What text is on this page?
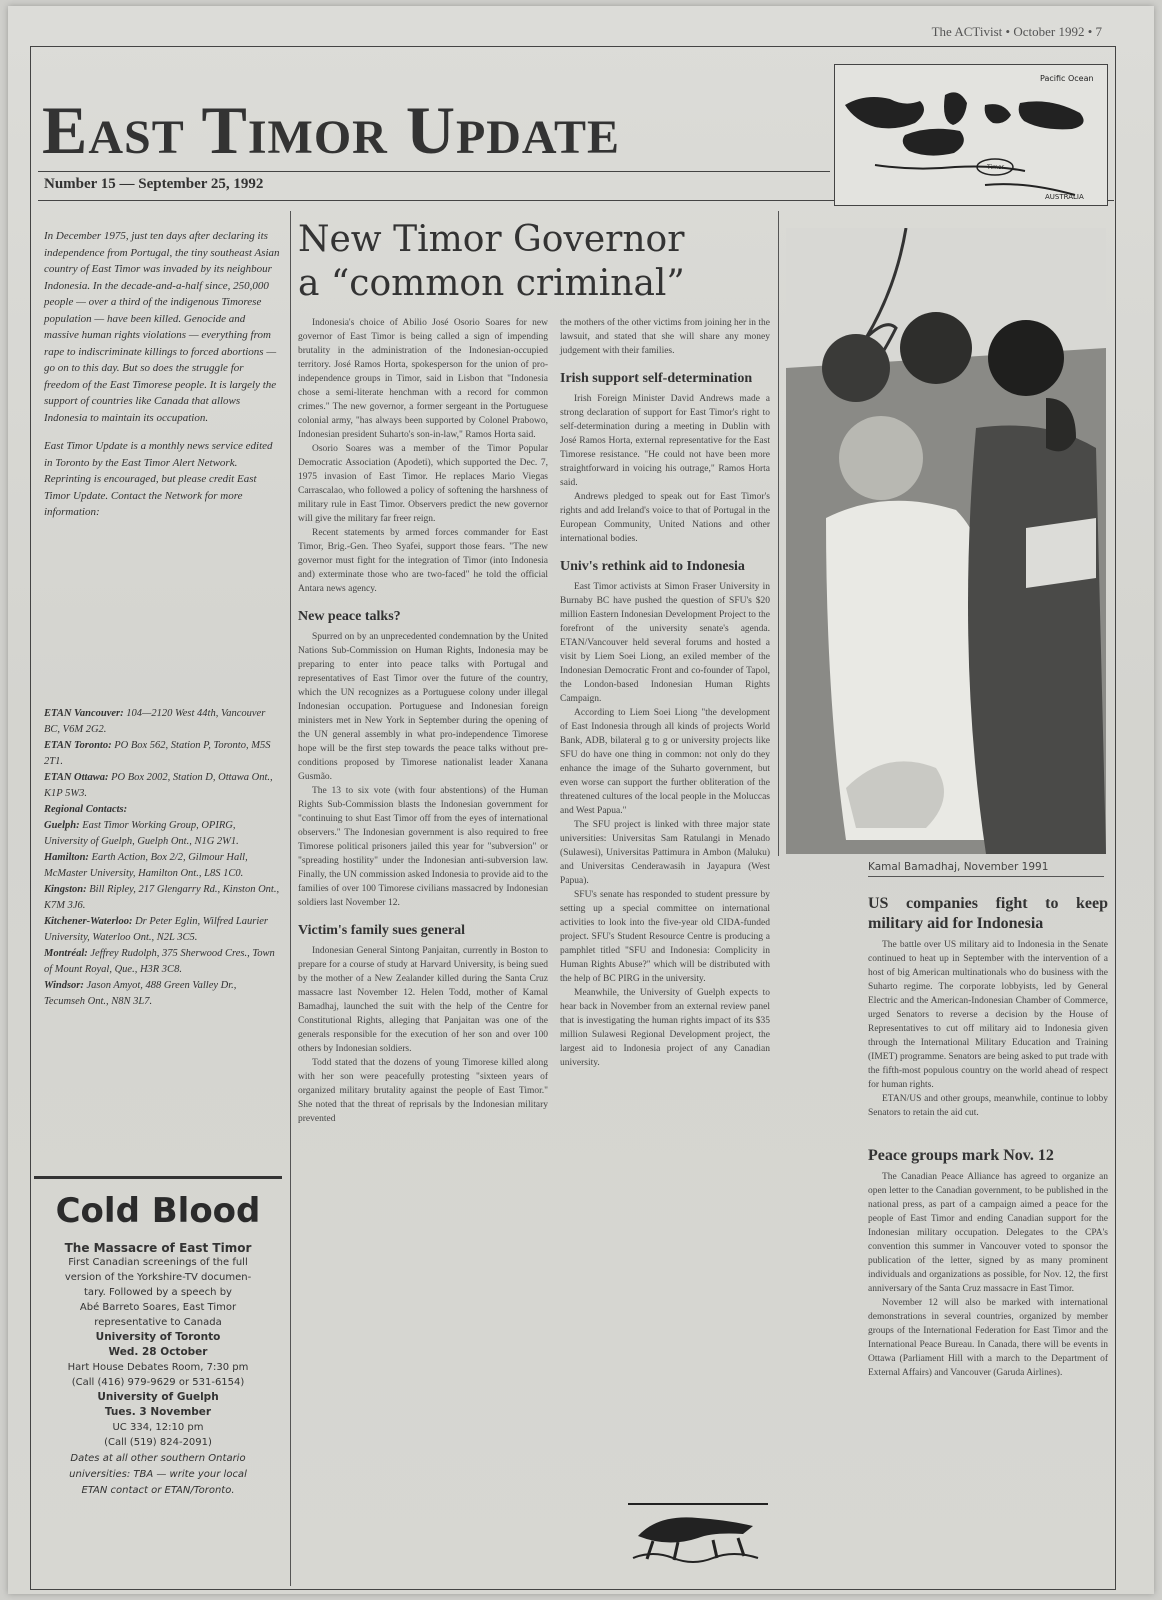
The ACTivist • October 1992 • 7
East Timor Update
Number 15 — September 25, 1992
Pacific Ocean
Timor
AUSTRALIA

In December 1975, just ten days after declaring its independence from Portugal, the tiny southeast Asian country of East Timor was invaded by its neighbour Indonesia. In the decade-and-a-half since, 250,000 people — over a third of the indigenous Timorese population — have been killed. Genocide and massive human rights violations — everything from rape to indiscriminate killings to forced abortions — go on to this day. But so does the struggle for freedom of the East Timorese people. It is largely the support of countries like Canada that allows Indonesia to maintain its occupation.

East Timor Update is a monthly news service edited in Toronto by the East Timor Alert Network. Reprinting is encouraged, but please credit East Timor Update. Contact the Network for more information:

ETAN Vancouver: 104—2120 West 44th, Vancouver BC, V6M 2G2.
ETAN Toronto: PO Box 562, Station P, Toronto, M5S 2T1.
ETAN Ottawa: PO Box 2002, Station D, Ottawa Ont., K1P 5W3.
Regional Contacts:
Guelph: East Timor Working Group, OPIRG, University of Guelph, Guelph Ont., N1G 2W1.
Hamilton: Earth Action, Box 2/2, Gilmour Hall, McMaster University, Hamilton Ont., L8S 1C0.
Kingston: Bill Ripley, 217 Glengarry Rd., Kinston Ont., K7M 3J6.
Kitchener-Waterloo: Dr Peter Eglin, Wilfred Laurier University, Waterloo Ont., N2L 3C5.
Montréal: Jeffrey Rudolph, 375 Sherwood Cres., Town of Mount Royal, Que., H3R 3C8.
Windsor: Jason Amyot, 488 Green Valley Dr., Tecumseh Ont., N8N 3L7.
Cold Blood
The Massacre of East Timor
First Canadian screenings of the full
version of the Yorkshire-TV documen-
tary. Followed by a speech by
Abé Barreto Soares, East Timor
representative to Canada
University of Toronto
Wed. 28 October
Hart House Debates Room, 7:30 pm
(Call (416) 979-9629 or 531-6154)
University of Guelph
Tues. 3 November
UC 334, 12:10 pm
(Call (519) 824-2091)
Dates at all other southern Ontario
universities: TBA — write your local
ETAN contact or ETAN/Toronto.
New Timor Governor
a “common criminal”

Indonesia's choice of Abilio José Osorio Soares for new governor of East Timor is being called a sign of impending brutality in the administration of the Indonesian-occupied territory. José Ramos Horta, spokesperson for the union of pro-independence groups in Timor, said in Lisbon that "Indonesia chose a semi-literate henchman with a record for common crimes." The new governor, a former sergeant in the Portuguese colonial army, "has always been supported by Colonel Prabowo, Indonesian president Suharto's son-in-law," Ramos Horta said.

Osorio Soares was a member of the Timor Popular Democratic Association (Apodeti), which supported the Dec. 7, 1975 invasion of East Timor. He replaces Mario Viegas Carrascalao, who followed a policy of softening the harshness of military rule in East Timor. Observers predict the new governor will give the military far freer reign.

Recent statements by armed forces commander for East Timor, Brig.-Gen. Theo Syafei, support those fears. "The new governor must fight for the integration of Timor (into Indonesia and) exterminate those who are two-faced" he told the official Antara news agency.

New peace talks?

Spurred on by an unprecedented condemnation by the United Nations Sub-Commission on Human Rights, Indonesia may be preparing to enter into peace talks with Portugal and representatives of East Timor over the future of the country, which the UN recognizes as a Portuguese colony under illegal Indonesian occupation. Portuguese and Indonesian foreign ministers met in New York in September during the opening of the UN general assembly in what pro-independence Timorese hope will be the first step towards the peace talks without pre-conditions proposed by Timorese nationalist leader Xanana Gusmão.

The 13 to six vote (with four abstentions) of the Human Rights Sub-Commission blasts the Indonesian government for "continuing to shut East Timor off from the eyes of international observers." The Indonesian government is also required to free Timorese political prisoners jailed this year for "subversion" or "spreading hostility" under the Indonesian anti-subversion law. Finally, the UN commission asked Indonesia to provide aid to the families of over 100 Timorese civilians massacred by Indonesian soldiers last November 12.

Victim's family sues general

Indonesian General Sintong Panjaitan, currently in Boston to prepare for a course of study at Harvard University, is being sued by the mother of a New Zealander killed during the Santa Cruz massacre last November 12. Helen Todd, mother of Kamal Bamadhaj, launched the suit with the help of the Centre for Constitutional Rights, alleging that Panjaitan was one of the generals responsible for the execution of her son and over 100 others by Indonesian soldiers.

Todd stated that the dozens of young Timorese killed along with her son were peacefully protesting "sixteen years of organized military brutality against the people of East Timor." She noted that the threat of reprisals by the Indonesian military prevented

the mothers of the other victims from joining her in the lawsuit, and stated that she will share any money judgement with their families.

Irish support self-determination

Irish Foreign Minister David Andrews made a strong declaration of support for East Timor's right to self-determination during a meeting in Dublin with José Ramos Horta, external representative for the East Timorese resistance. "He could not have been more straightforward in voicing his outrage," Ramos Horta said.

Andrews pledged to speak out for East Timor's rights and add Ireland's voice to that of Portugal in the European Community, United Nations and other international bodies.

Univ's rethink aid to Indonesia

East Timor activists at Simon Fraser University in Burnaby BC have pushed the question of SFU's $20 million Eastern Indonesian Development Project to the forefront of the university senate's agenda. ETAN/Vancouver held several forums and hosted a visit by Liem Soei Liong, an exiled member of the Indonesian Democratic Front and co-founder of Tapol, the London-based Indonesian Human Rights Campaign.

According to Liem Soei Liong "the development of East Indonesia through all kinds of projects World Bank, ADB, bilateral g to g or university projects like SFU do have one thing in common: not only do they enhance the image of the Suharto government, but even worse can support the further obliteration of the threatened cultures of the local people in the Moluccas and West Papua."

The SFU project is linked with three major state universities: Universitas Sam Ratulangi in Menado (Sulawesi), Universitas Pattimura in Ambon (Maluku) and Universitas Cenderawasih in Jayapura (West Papua).

SFU's senate has responded to student pressure by setting up a special committee on international activities to look into the five-year old CIDA-funded project. SFU's Student Resource Centre is producing a pamphlet titled "SFU and Indonesia: Complicity in Human Rights Abuse?" which will be distributed with the help of BC PIRG in the university.

Meanwhile, the University of Guelph expects to hear back in November from an external review panel that is investigating the human rights impact of its $35 million Sulawesi Regional Development project, the largest aid to Indonesia project of any Canadian university.

Kamal Bamadhaj, November 1991
US companies fight to keep military aid for Indonesia

The battle over US military aid to Indonesia in the Senate continued to heat up in September with the intervention of a host of big American multinationals who do business with the Suharto regime. The corporate lobbyists, led by General Electric and the American-Indonesian Chamber of Commerce, urged Senators to reverse a decision by the House of Representatives to cut off military aid to Indonesia given through the International Military Education and Training (IMET) programme. Senators are being asked to put trade with the fifth-most populous country on the world ahead of respect for human rights.

ETAN/US and other groups, meanwhile, continue to lobby Senators to retain the aid cut.

Peace groups mark Nov. 12

The Canadian Peace Alliance has agreed to organize an open letter to the Canadian government, to be published in the national press, as part of a campaign aimed a peace for the people of East Timor and ending Canadian support for the Indonesian military occupation. Delegates to the CPA's convention this summer in Vancouver voted to sponsor the publication of the letter, signed by as many prominent individuals and organizations as possible, for Nov. 12, the first anniversary of the Santa Cruz massacre in East Timor.

November 12 will also be marked with international demonstrations in several countries, organized by member groups of the International Federation for East Timor and the International Peace Bureau. In Canada, there will be events in Ottawa (Parliament Hill with a march to the Department of External Affairs) and Vancouver (Garuda Airlines).
